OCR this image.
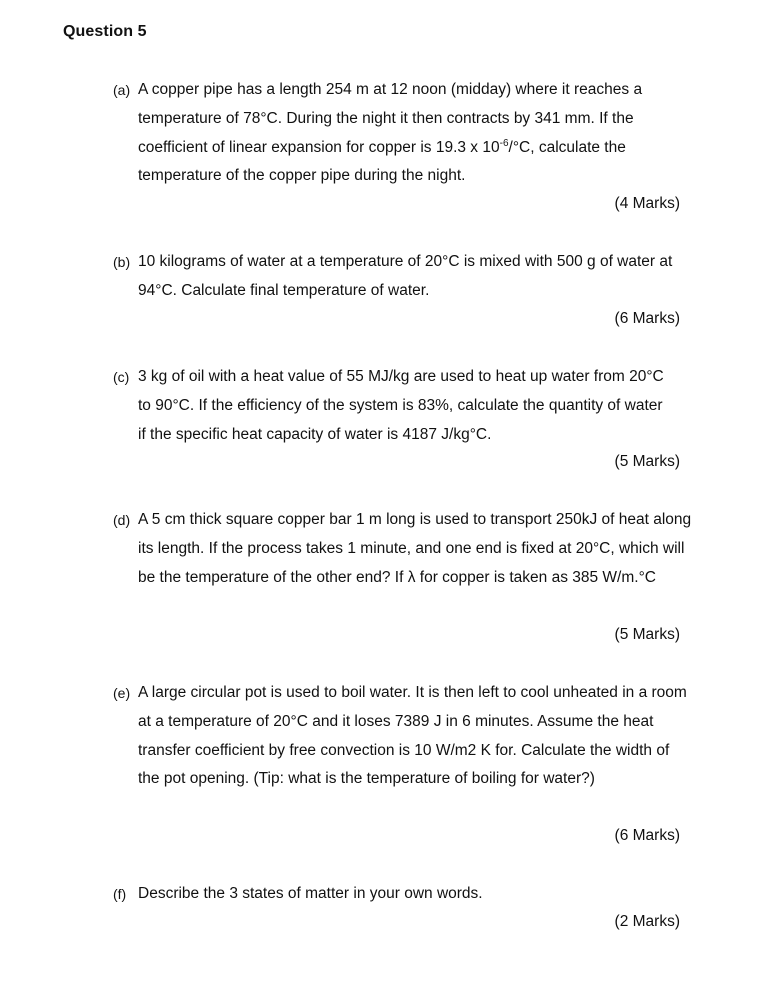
Question 5
(a) A copper pipe has a length 254 m at 12 noon (midday) where it reaches a temperature of 78°C. During the night it then contracts by 341 mm. If the coefficient of linear expansion for copper is 19.3 x $10^{-6}/^\circ C$, calculate the temperature of the copper pipe during the night.
(4 Marks)
(b) 10 kilograms of water at a temperature of 20°C is mixed with 500 g of water at 94°C. Calculate final temperature of water.
(6 Marks)
(c) 3 kg of oil with a heat value of 55 MJ/kg are used to heat up water from 20°C to 90°C. If the efficiency of the system is 83%, calculate the quantity of water if the specific heat capacity of water is 4187 J/kg°C.
(5 Marks)
(d) A 5 cm thick square copper bar 1 m long is used to transport 250kJ of heat along its length. If the process takes 1 minute, and one end is fixed at 20°C, which will be the temperature of the other end? If λ for copper is taken as 385 W/m.°C
(5 Marks)
(e) A large circular pot is used to boil water. It is then left to cool unheated in a room at a temperature of 20°C and it loses 7389 J in 6 minutes. Assume the heat transfer coefficient by free convection is 10 W/m2 K for. Calculate the width of the pot opening. (Tip: what is the temperature of boiling for water?)
(6 Marks)
(f) Describe the 3 states of matter in your own words.
(2 Marks)
